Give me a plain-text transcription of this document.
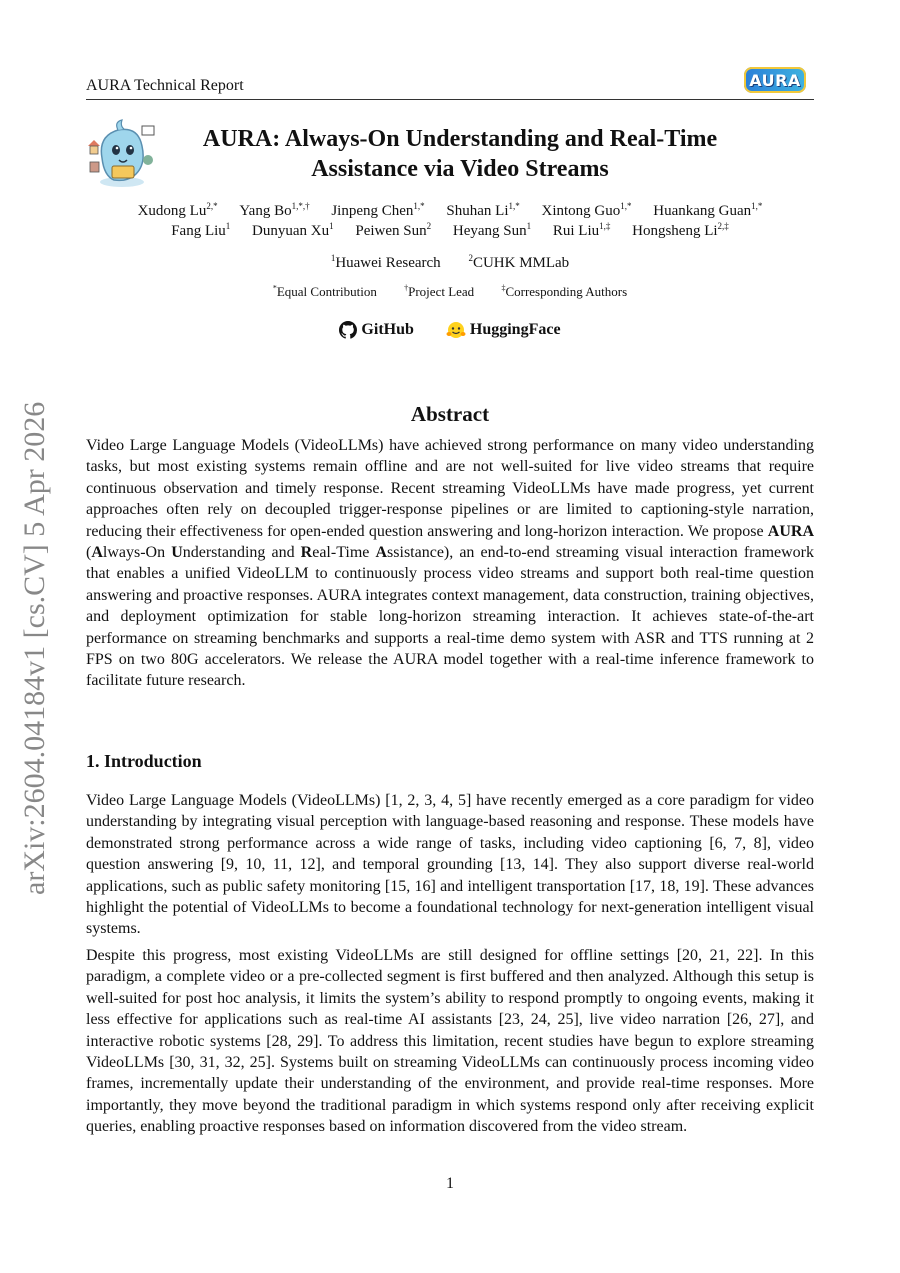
AURA Technical Report	AURA
AURA: Always-On Understanding and Real-Time
Assistance via Video Streams
Xudong $Lu^{2,*}$ Yang $Bo^{1,*,\dagger}$ Jinpeng Chen$^{1,*}$ Shuhan $Li^{1,*}$ Xintong Guo$^{1,*}$ Huankang Guan$^{1,*}$
Fang Liu$^1$ Dunyuan Xu$^1$ Peiwen Sun$^2$ Heyang Sun$^1$ Rui Liu$^{1,\ddagger}$ Hongsheng $Li^{2,\ddagger}$
$^1$Huawei Research	$^2$CUHK MMLab
*Equal Contribution	†Project Lead	‡Corresponding Authors
GitHub
	HuggingFace
arXiv:2604.04184v1 [cs.CV] 5 Apr 2026	Abstract
Video Large Language Models (VideoLLMs) have achieved strong performance on many video understanding tasks, but most existing systems remain offline and are not well-suited for live video streams that require continuous observation and timely response. Recent streaming VideoLLMs have made progress, yet current approaches often rely on decoupled trigger-response pipelines or are limited to captioning-style narration, reducing their effectiveness for open-ended question answering and long-horizon interaction. We propose AURA (Always-On Understanding and Real-Time Assistance), an end-to-end streaming visual interaction framework that enables a unified VideoLLM to continuously process video streams and support both real-time question answering and proactive responses. AURA integrates context management, data construction, training objectives, and deployment optimization for stable long-horizon streaming interaction. It achieves state-of-the-art performance on streaming benchmarks and supports a real-time demo system with ASR and TTS running at 2 FPS on two 80G accelerators. We release the AURA model together with a real-time inference framework to facilitate future research.
1. Introduction
Video Large Language Models (VideoLLMs) [1, 2, 3, 4, 5] have recently emerged as a core paradigm for video understanding by integrating visual perception with language-based reasoning and response. These models have demonstrated strong performance across a wide range of tasks, including video captioning [6, 7, 8], video question answering [9, 10, 11, 12], and temporal grounding [13, 14]. They also support diverse real-world applications, such as public safety monitoring [15, 16] and intelligent transportation [17, 18, 19]. These advances highlight the potential of VideoLLMs to become a foundational technology for next-generation intelligent visual systems.
Despite this progress, most existing VideoLLMs are still designed for offline settings [20, 21, 22]. In this paradigm, a complete video or a pre-collected segment is first buffered and then analyzed. Although this setup is well-suited for post hoc analysis, it limits the system’s ability to respond promptly to ongoing events, making it less effective for applications such as real-time AI assistants [23, 24, 25], live video narration [26, 27], and interactive robotic systems [28, 29]. To address this limitation, recent studies have begun to explore streaming VideoLLMs [30, 31, 32, 25]. Systems built on streaming VideoLLMs can continuously process incoming video frames, incrementally update their understanding of the environment, and provide real-time responses. More importantly, they move beyond the traditional paradigm in which systems respond only after receiving explicit queries, enabling proactive responses based on information discovered from the video stream.
1
